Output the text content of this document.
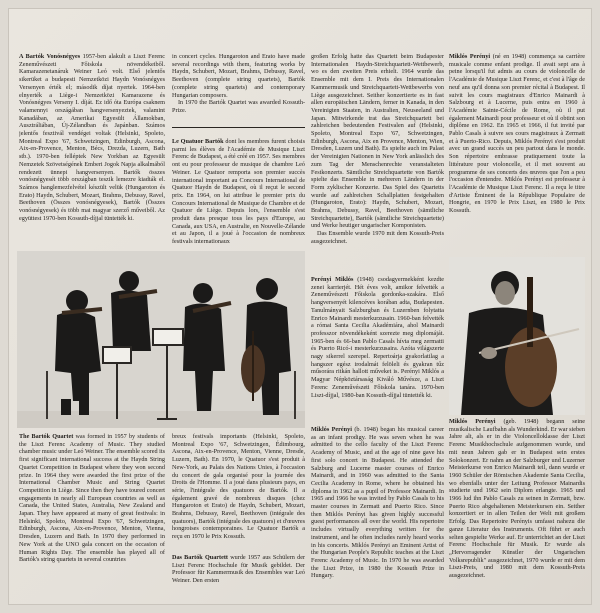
A Bartók Vonósnégyes 1957-ben alakult a Liszt Ferenc Zeneművészeti Főiskola növendékeiből. Kamarazenetanáruk Weiner Leó volt. Első jelentős sikerüket a budapesti Nemzetközi Haydn Vonósnégyes Versenyen érték el; második díjat nyertek. 1964-ben elnyerték a Liège-i Nemzetközi Kamarazene és Vonósnégyes Verseny I. díját. Ez idő óta Európa csaknem valamennyi országában hangversenyeztek, valamint Kanadában, az Amerikai Egyesült Államokban, Ausztráliában, Új-Zélandban és Japánban. Számos jelentős fesztivál vendégei voltak (Helsinki, Spoleto, Montreal Expo '67, Schwetzingen, Edinburgh, Ascona, Aix-en-Provence, Menton, Bécs, Drezda, Luzern, Bath stb.). 1970-ben felléptek New Yorkban az Egyesült Nemzetek Szövetségének Emberi Jogok Napja alkalmából rendezett ünnepi hangversenyen. Bartók összes vonósnégyesét több országban teszik lemezre kiadták el. Számos hanglemezfelvétel készült velük (Hungaroton és Erato) Haydn, Schubert, Mozart, Brahms, Debussy, Ravel, Beethoven (Összes vonósnégyesek), Bartók (Összes vonósnégyesek) és több mai magyar szerző műveiből. Az együttest 1970-ben Kossuth-díjjal tüntették ki.
in concert cycles. Hungaroton and Erato have made several recordings with them, featuring works by Haydn, Schubert, Mozart, Brahms, Debussy, Ravel, Beethoven (complete string quartets), Bartók (complete string quartets) and contemporary Hungarian composers.
In 1970 the Bartók Quartet was awarded Kossuth-Prize.
Le Quatuor Bartók dont les membres furent choisis parmi les élèves de l'Académie de Musique Liszt Ferenc de Budapest, a été créé en 1957. Ses membres ont eu pour professeur de musique de chambre Leó Weiner. Le Quatuor remporta son premier succès international important au Concours International de Quatuor Haydn de Budapest, où il reçut le second prix. En 1964, on lui attribue le premier prix du Concours International de Musique de Chambre et de Quatuor de Liège. Depuis lors, l'ensemble s'est produit dans presque tous les pays d'Europe, au Canada, aux USA, en Australie, en Nouvelle-Zélande et au Japon, il a joué à l'occasion de nombreux festivals internationaux
großen Erfolg hatte das Quartett beim Budapester Internationalen Haydn-Streichquartett-Wettbewerb, wo es den zweiten Preis erhielt. 1964 wurde das Ensemble mit dem I. Preis des Internationalen Kammermusik und Streichquartett-Wettbewerbs von Liège ausgezeichnet. Seither konzertierte es in fast allen europäischen Ländern, ferner in Kanada, in den Vereinigten Staaten, in Australien, Neuseeland und Japan. Mitwirkende trat das Streichquartett bei zahlreichen bedeutenden Festivalen auf (Helsinki, Spoleto, Montreal Expo '67, Schwetzingen, Edinburgh, Ascona, Aix en Provence, Menton, Wien, Dresden, Luzern und Bath). Es spielte auch im Palast der Vereinigten Nationen in New York anlässlich des zum Tag der Menschenrechte veranstalteten Festkonzerts. Sämtliche Streichquartette von Bartók spielte das Ensemble in mehreren Ländern in der Form zyklischer Konzerte. Das Spiel des Quartetts wurde auf zahlreichen Schallplatten festgehalten (Hungaroton, Erato): Haydn, Schubert, Mozart, Brahms, Debussy, Ravel, Beethoven (sämtliche Streichquartette), Bartók (sämtliche Streichquartette) und Werke heutiger ungarischer Komponisten.
Das Ensemble wurde 1970 mit dem Kossuth-Preis ausgezeichnet.
Miklós Perényi (né en 1948) commença sa carrière musicale comme enfant prodige. Il avait sept ans à peine lorsqu'il fut admis au cours de violoncelle de l'Académie de Musique Liszt Ferenc, et c'est à l'âge de neuf ans qu'il donna son premier récital à Budapest. Il suivit les cours magistraux d'Enrico Mainardi à Salzbourg et à Lucerne, puis entra en 1960 à l'Académie Sainte-Cécile de Rome, où il put également Mainardi pour professeur et où il obtint son diplôme en 1962. En 1965 et 1966, il fut invité par Pablo Casals à suivre ses cours magistraux à Zermatt et à Puerto-Rico. Depuis, Miklós Perényi s'est produit avec un grand succès un peu partout dans le monde. Son répertoire embrasse pratiquement toute la littérature pour violoncelle, et il met souvent au programme de ses concerts des œuvres que l'on a peu l'occasion d'entendre. Miklós Perényi est professeur à l'Académie de Musique Liszt Ferenc. Il a reçu le titre d'Artiste Éminent de la République Populaire de Hongrie, en 1970 le Prix Liszt, en 1980 le Prix Kossuth.
Perényi Miklós (1948) csodagyermekként kezdte zenei karrierjét. Hét éves volt, amikor felvették a Zeneművészeti Főiskola gordonka-szakára. Első hangversenyét kilencéves korában adta, Budapesten. Tanulmányait Salzburgban és Luzernben folytatta Enrico Mainardi mesterkurzusain. 1960-ban felvették a római Santa Cecilia Akadémiára, ahol Mainardi professzor növendékeként szerezte meg diplomáját. 1965-ben és 66-ban Pablo Casals hívta meg zermatti és Puerto Ricó-i mesterkurzusaira. Azóta világszerte nagy sikerrel szerepel. Repertoárja gyakorlatilag a hangszer egész irodalmát felöleli és gyakran tűz műsorára ritkán hallott műveket is. Perényi Miklós a Magyar Népköztársaság Kiváló Művésze, a Liszt Ferenc Zeneművészeti Főiskola tanára. 1970-ben Liszt-díjjal, 1980-ban Kossuth-díjjal tüntették ki.
The Bartók Quartet was formed in 1957 by students of the Liszt Ferenc Academy of Music. They studied chamber music under Leó Weiner. The ensemble scored its first significant international success at the Haydn String Quartet Competition in Budapest where they won second prize. In 1964 they were awarded the first prize of the International Chamber Music and String Quartet Competition in Liège. Since then they have toured concert engagements in nearly all European countries as well as Canada, the United States, Australia, New Zealand and Japan. They have appeared at many of great festivals: in Helsinki, Spoleto, Montreal Expo '67, Schwetzingen, Edinburgh, Ascona, Aix-en-Provence, Menton, Vienna, Dresden, Luzern and Bath. In 1970 they performed in New York at the UNO gala concert on the occasion of Human Rights Day. The ensemble has played all of Bartók's string quartets in several countries
breux festivals importants (Helsinki, Spoleto, Montreal Expo '67, Schwetzingen, Édimbourg, Ascona, Aix-en-Provence, Menton, Vienne, Dresde, Luzern, Bath). En 1970, le Quatuor s'est produit à New-York, au Palais des Nations Unies, à l'occasion du concert de gala organisé pour la journée des Droits de l'Homme. Il a joué dans plusieurs pays, en série, l'intégrale des quatuors de Bartók. Il a également gravé de nombreux disques (chez Hungaroton et Erato) de Haydn, Schubert, Mozart, Brahms, Debussy, Ravel, Beethoven (intégrale des quatuors), Bartók (intégrale des quatuors) et d'œuvres hongroises contemporaines. Le Quatuor Bartók a reçu en 1970 le Prix Kossuth.
Das Bartók Quartett wurde 1957 aus Schülern der Liszt Ferenc Hochschule für Musik gebildet. Der Professor für Kammermusik des Ensembles war Leó Weiner. Den ersten
Miklós Perényi (b. 1948) began his musical career as an infant prodigy. He was seven when he was admitted to the cello faculty of the Liszt Ferenc Academy of Music, and at the age of nine gave his first solo concert in Budapest. He attended the Salzburg and Lucerne master courses of Enrico Mainardi, and in 1960 was admitted to the Santa Cecilia Academy in Rome, where he obtained his diploma in 1962 as a pupil of Professor Mainardi. In 1965 and 1966 he was invited by Pablo Casals to his master courses in Zermatt and Puerto Rico. Since then Miklós Perényi has given highly successful guest performances all over the world. His repertoire includes virtually everything written for the instrument, and he often includes rarely heard works in his concerts. Miklós Perényi an Eminent Artist of the Hungarian People's Republic teaches at the Liszt Ferenc Academy of Music. In 1970 he was awarded the Liszt Prize, in 1980 the Kossuth Prize in Hungary.
Miklós Perényi (geb. 1948) begann seine musikalische Laufbahn als Wunderkind. Er war sieben Jahre alt, als er in die Violoncelloklasse der Liszt Ferenc Musikhochschule aufgenommen wurde, und mit neun Jahren gab er in Budapest sein erstes Solokonzert. Er nahm an der Salzburger und Luzerner Meisterkurse von Enrico Mainardi teil, dann wurde er 1960 Schüler der Römischen Akademie Santa Cecilia, wo ebenfalls unter der Leitung Professor Mainardis studierte und 1962 sein Diplom erlangte. 1965 und 1966 lud ihn Pablo Casals zu seinen in Zermatt, bzw. Puerto Rico abgehaltenen Meisterkursen ein. Seither konzertiert er in allen Teilen der Welt mit großem Erfolg. Das Repertoire Perényis umfasst nahezu die ganze Literatur des Instruments. Oft führt er auch selten gespielte Werke auf. Er unterrichtet an der Liszt Ferenc Hochschule für Musik. Er wurde als „Hervorragender Künstler der Ungarischen Volksrepublik" ausgezeichnet, 1970 wurde er mit dem Liszt-Preis, und 1980 mit dem Kossuth-Preis ausgezeichnet.
